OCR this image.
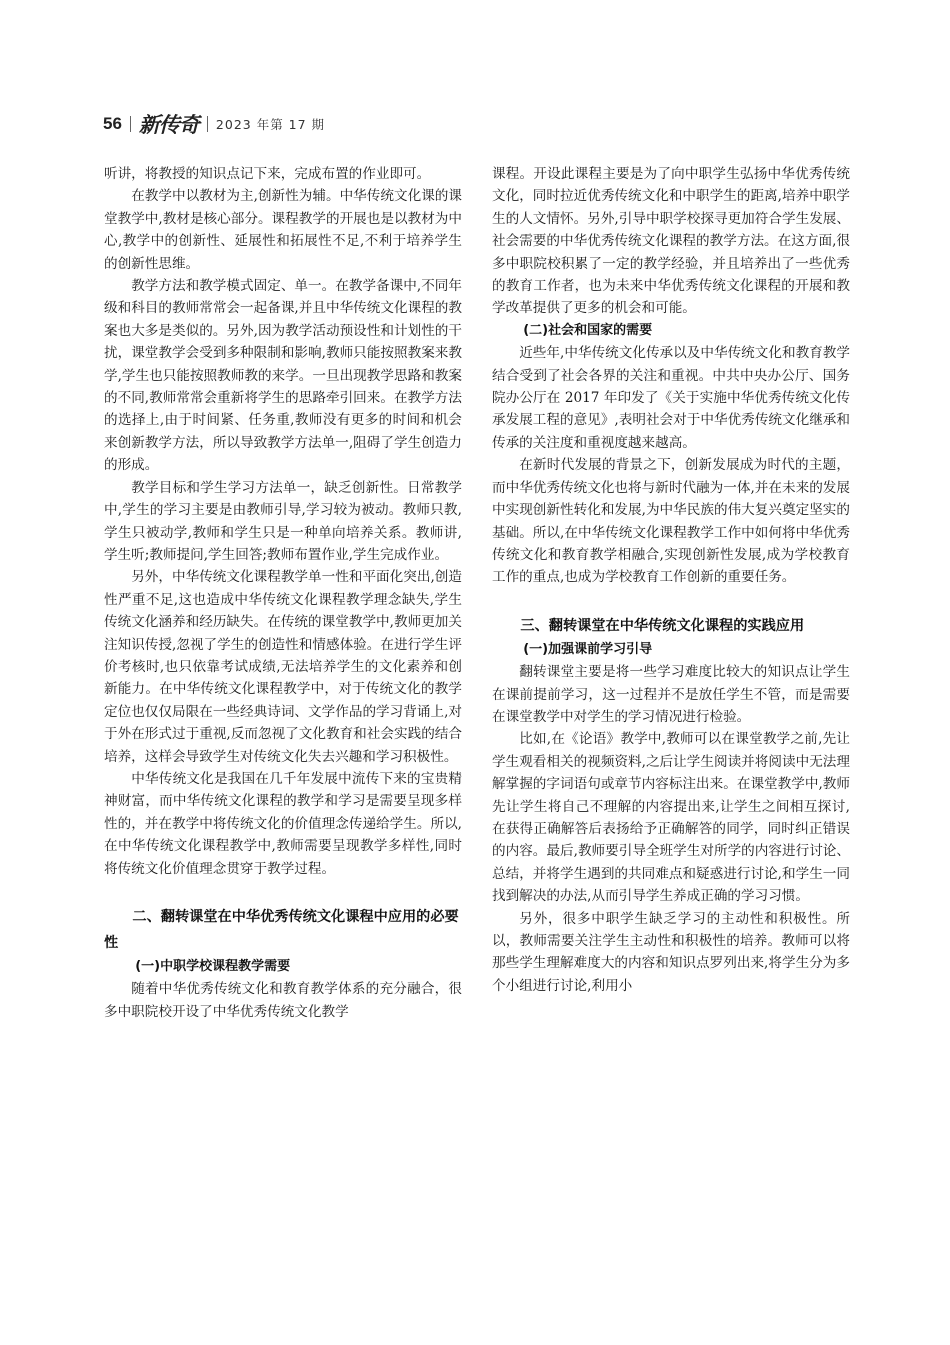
56 新传奇 2023 年第 17 期

听讲，将教授的知识点记下来，完成布置的作业即可。

在教学中以教材为主,创新性为辅。中华传统文化课的课堂教学中,教材是核心部分。课程教学的开展也是以教材为中心,教学中的创新性、延展性和拓展性不足,不利于培养学生的创新性思维。

教学方法和教学模式固定、单一。在教学备课中,不同年级和科目的教师常常会一起备课,并且中华传统文化课程的教案也大多是类似的。另外,因为教学活动预设性和计划性的干扰，课堂教学会受到多种限制和影响,教师只能按照教案来教学,学生也只能按照教师教的来学。一旦出现教学思路和教案的不同,教师常常会重新将学生的思路牵引回来。在教学方法的选择上,由于时间紧、任务重,教师没有更多的时间和机会来创新教学方法，所以导致教学方法单一,阻碍了学生创造力的形成。

教学目标和学生学习方法单一，缺乏创新性。日常教学中,学生的学习主要是由教师引导,学习较为被动。教师只教,学生只被动学,教师和学生只是一种单向培养关系。教师讲,学生听;教师提问,学生回答;教师布置作业,学生完成作业。

另外，中华传统文化课程教学单一性和平面化突出,创造性严重不足,这也造成中华传统文化课程教学理念缺失,学生传统文化涵养和经历缺失。在传统的课堂教学中,教师更加关注知识传授,忽视了学生的创造性和情感体验。在进行学生评价考核时,也只依靠考试成绩,无法培养学生的文化素养和创新能力。在中华传统文化课程教学中，对于传统文化的教学定位也仅仅局限在一些经典诗词、文学作品的学习背诵上,对于外在形式过于重视,反而忽视了文化教育和社会实践的结合培养，这样会导致学生对传统文化失去兴趣和学习积极性。

中华传统文化是我国在几千年发展中流传下来的宝贵精神财富，而中华传统文化课程的教学和学习是需要呈现多样性的，并在教学中将传统文化的价值理念传递给学生。所以,在中华传统文化课程教学中,教师需要呈现教学多样性,同时将传统文化价值理念贯穿于教学过程。

二、翻转课堂在中华优秀传统文化课程中应用的必要性

(一)中职学校课程教学需要

随着中华优秀传统文化和教育教学体系的充分融合，很多中职院校开设了中华优秀传统文化教学

课程。开设此课程主要是为了向中职学生弘扬中华优秀传统文化，同时拉近优秀传统文化和中职学生的距离,培养中职学生的人文情怀。另外,引导中职学校探寻更加符合学生发展、社会需要的中华优秀传统文化课程的教学方法。在这方面,很多中职院校积累了一定的教学经验，并且培养出了一些优秀的教育工作者，也为未来中华优秀传统文化课程的开展和教学改革提供了更多的机会和可能。

(二)社会和国家的需要

近些年,中华传统文化传承以及中华传统文化和教育教学结合受到了社会各界的关注和重视。中共中央办公厅、国务院办公厅在 2017 年印发了《关于实施中华优秀传统文化传承发展工程的意见》,表明社会对于中华优秀传统文化继承和传承的关注度和重视度越来越高。

在新时代发展的背景之下，创新发展成为时代的主题，而中华优秀传统文化也将与新时代融为一体,并在未来的发展中实现创新性转化和发展,为中华民族的伟大复兴奠定坚实的基础。所以,在中华传统文化课程教学工作中如何将中华优秀传统文化和教育教学相融合,实现创新性发展,成为学校教育工作的重点,也成为学校教育工作创新的重要任务。

三、翻转课堂在中华传统文化课程的实践应用

(一)加强课前学习引导

翻转课堂主要是将一些学习难度比较大的知识点让学生在课前提前学习，这一过程并不是放任学生不管，而是需要在课堂教学中对学生的学习情况进行检验。

比如,在《论语》教学中,教师可以在课堂教学之前,先让学生观看相关的视频资料,之后让学生阅读并将阅读中无法理解掌握的字词语句或章节内容标注出来。在课堂教学中,教师先让学生将自己不理解的内容提出来,让学生之间相互探讨,在获得正确解答后表扬给予正确解答的同学，同时纠正错误的内容。最后,教师要引导全班学生对所学的内容进行讨论、总结，并将学生遇到的共同难点和疑惑进行讨论,和学生一同找到解决的办法,从而引导学生养成正确的学习习惯。

另外，很多中职学生缺乏学习的主动性和积极性。所以，教师需要关注学生主动性和积极性的培养。教师可以将那些学生理解难度大的内容和知识点罗列出来,将学生分为多个小组进行讨论,利用小
